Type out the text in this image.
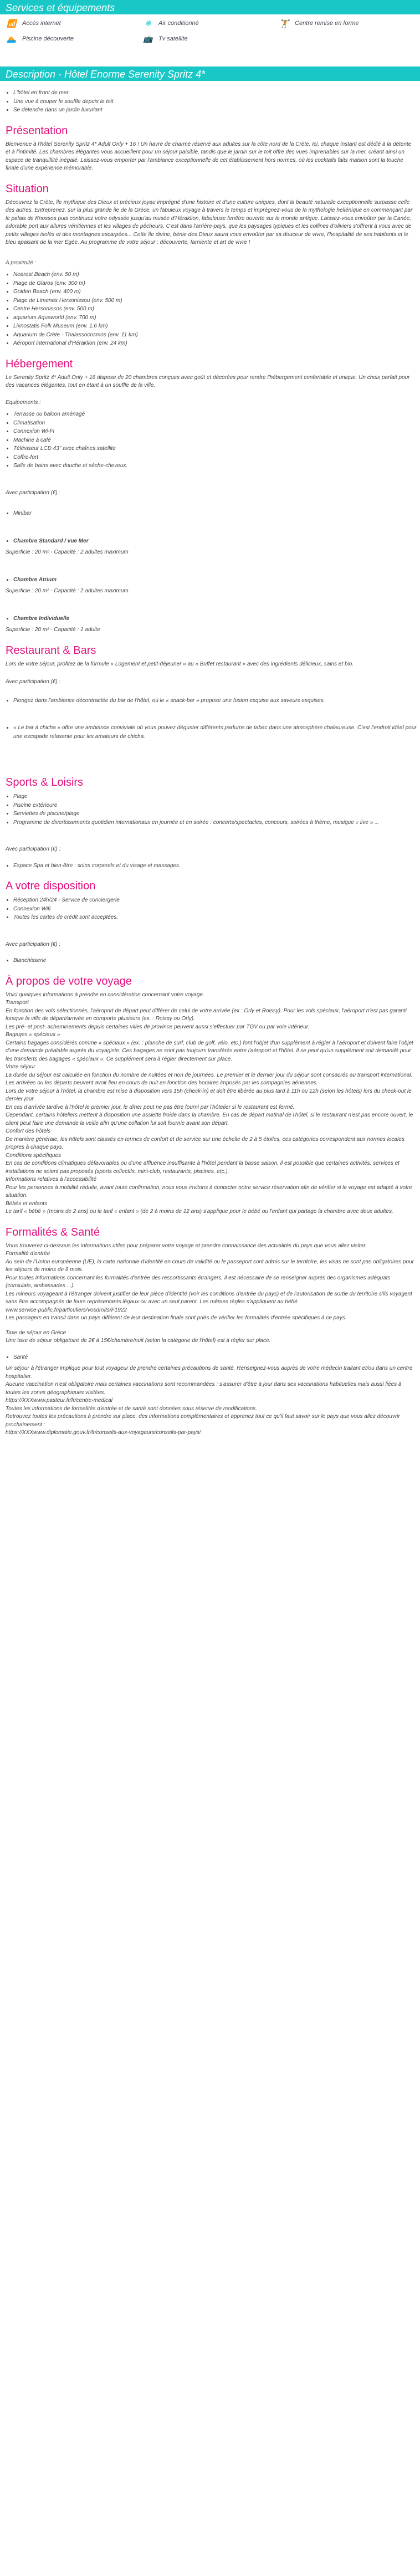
Services et équipements
📶 Accès internet	❄	Air conditionné	🏋 Centre remise en forme
🏊 Piscine découverte	📺 Tv satellite
Description - Hôtel Enorme Serenity Spritz 4*
• L'hôtel en front de mer
• Une vue à couper le souffle depuis le toit
• Se détendre dans un jardin luxuriant
Présentation
Bienvenue à l'hôtel Serenity Spritz 4* Adult Only + 16 ! Un havre de charme réservé aux adultes sur la côte nord de la Crète. Ici, chaque instant est dédié à la détente et à l'intimité. Les chambres élégantes vous accueillent pour un séjour paisible, tandis que le jardin sur le toit offre des vues imprenables sur la mer, créant ainsi un espace de tranquillité inégalé. Laissez-vous emporter par l'ambiance exceptionnelle de cet établissement hors normes, où les cocktails faits maison sont la touche finale d'une expérience mémorable.
Situation
Découvrez la Crète, île mythique des Dieux et précieux joyau imprégné d'une histoire et d'une culture uniques, dont la beauté naturelle exceptionnelle surpasse celle des autres. Entreprenez, sur la plus grande île de la Grèce, un fabuleux voyage à travers le temps et imprégnez-vous de la mythologie hellénique en commençant par le palais de Knossos puis continuez votre odyssée jusqu'au musée d'Héraklion, fabuleuse fenêtre ouverte sur le monde antique. Laissez-vous envoûter par la Canée, adorable port aux allures vénitiennes et les villages de pêcheurs. C'est dans l'arrière-pays, que les paysages typiques et les collines d'oliviers s'offrent à vous avec de petits villages isolés et des montagnes escarpées... Cette île divine, bénie des Dieux saura vous envoûter par sa douceur de vivre, l'hospitalité de ses habitants et le bleu apaisant de la mer Égée. Au programme de votre séjour : découverte, farniente et art de vivre !
A proximité :
• Nearest Beach (env. 50 m)
• Plage de Glaros (env. 300 m)
• Golden Beach (env. 400 m)
• Plage de Limenas Hersonissou (env. 500 m)
• Centre Hersonissos (env. 500 m)
• aquarium Aquaworld (env. 700 m)
• Lixnostatis Folk Museum (env. 1,6 km)
• Aquarium de Crète - Thalassocosmos (env. 11 km)
• Aéroport international d'Héraklion (env. 24 km)
Hébergement
Le Serenity Spritz 4* Adult Only + 16 dispose de 20 chambres conçues avec goût et décorées pour rendre l'hébergement confortable et unique. Un choix parfait pour des vacances élégantes, tout en étant à un souffle de la ville.
Equipements :
• Terrasse ou balcon aménagé
• Climatisation
• Connexion Wi-Fi
• Machine à café
• Téléviseur LCD 43" avec chaînes satellite
• Coffre-fort
• Salle de bains avec douche et sèche-cheveux.
Avec participation (€) :
• Minibar
• Chambre Standard / vue Mer
Superficie : 20 m² - Capacité : 2 adultes maximum
• Chambre Atrium
Superficie : 20 m² - Capacité : 2 adultes maximum
• Chambre Individuelle
Superficie : 20 m² - Capacité : 1 adulte
Restaurant & Bars
Lors de votre séjour, profitez de la formule « Logement et petit-déjeuner » au « Buffet restaurant » avec des ingrédients délicieux, sains et bio.
Avec participation (€) :
• Plongez dans l'ambiance décontractée du bar de l'hôtel, où le « snack-bar » propose une fusion exquise aux saveurs exquises.
• « Le bar à chicha » offre une ambiance conviviale où vous pouvez déguster différents parfums de tabac dans une atmosphère chaleureuse. C'est l'endroit idéal pour une escapade relaxante pour les amateurs de chicha.
Sports & Loisirs
• Plage
• Piscine extérieure
• Serviettes de piscine/plage
• Programme de divertissements quotidien internationaux en journée et en soirée : concerts/spectacles, concours, soirées à thème, musique « live » ...
Avec participation (€) :
• Espace Spa et bien-être : soins corporels et du visage et massages.
A votre disposition
• Réception 24h/24 - Service de conciergerie
• Connexion Wifi
• Toutes les cartes de crédit sont acceptées.
Avec participation (€) :
• Blanchisserie
À propos de votre voyage
Voici quelques informations à prendre en considération concernant votre voyage.
Transport
En fonction des vols sélectionnés, l'aéroport de départ peut différer de celui de votre arrivée (ex : Orly et Roissy). Pour les vols spéciaux, l'aéroport n'est pas garanti lorsque la ville de départ/arrivée en comporte plusieurs (ex. : Roissy ou Orly).
Les pré- et post- acheminements depuis certaines villes de province peuvent aussi s'effectuer par TGV ou par voie intérieur.
Bagages « spéciaux »
Certains bagages considérés comme « spéciaux » (ex. : planche de surf, club de golf, vélo, etc.) font l'objet d'un supplément à régler à l'aéroport et doivent faire l'objet d'une demande préalable auprès du voyagiste. Ces bagages ne sont pas toujours transférés entre l'aéroport et l'hôtel. Il se peut qu'un supplément soit demandé pour les transferts des bagages « spéciaux ». Ce supplément sera à régler directement sur place.
Votre séjour
La durée du séjour est calculée en fonction du nombre de nuitées et non de journées. Le premier et le dernier jour du séjour sont consacrés au transport international.
Les arrivées ou les départs peuvent avoir lieu en cours de nuit en fonction des horaires imposés par les compagnies aériennes.
Lors de votre séjour à l'hôtel, la chambre est mise à disposition vers 15h (check-in) et doit être libérée au plus tard à 11h ou 12h (selon les hôtels) lors du check-out le dernier jour.
En cas d'arrivée tardive à l'hôtel le premier jour, le dîner peut ne pas être fourni par l'hôtelier si le restaurant est fermé.
Cependant, certains hôteliers mettent à disposition une assiette froide dans la chambre. En cas de départ matinal de l'hôtel, si le restaurant n'est pas encore ouvert, le client peut faire une demande la veille afin qu'une collation lui soit fournie avant son départ.
Confort des hôtels
De manière générale, les hôtels sont classés en termes de confort et de service sur une échelle de 2 à 5 étoiles, ces catégories correspondent aux normes locales propres à chaque pays.
Conditions spécifiques
En cas de conditions climatiques défavorables ou d'une affluence insuffisante à l'hôtel pendant la basse saison, il est possible que certaines activités, services et installations ne soient pas proposés (sports collectifs, mini-club, restaurants, piscines, etc.).
Informations relatives à l'accessibilité
Pour les personnes à mobilité réduite, avant toute confirmation, nous vous invitons à contacter notre service réservation afin de vérifier si le voyage est adapté à votre situation.
Bébés et enfants
Le tarif « bébé » (moins de 2 ans) ou le tarif « enfant » (de 2 à moins de 12 ans) s'applique pour le bébé ou l'enfant qui partage la chambre avec deux adultes.
Formalités & Santé
Vous trouverez ci-dessous les informations utiles pour préparer votre voyage et prendre connaissance des actualités du pays que vous allez visiter.
Formalité d'entrée
Au sein de l'Union européenne (UE), la carte nationale d'identité en cours de validité ou le passeport sont admis sur le territoire, les visas ne sont pas obligatoires pour les séjours de moins de 6 mois.
Pour toutes informations concernant les formalités d'entrée des ressortissants étrangers, il est nécessaire de se renseigner auprès des organismes adéquats (consulats, ambassades ...).
Les mineurs voyageant à l'étranger doivent justifier de leur pièce d'identité (voir les conditions d'entrée du pays) et de l'autorisation de sortie du territoire s'ils voyagent sans être accompagnés de leurs représentants légaux ou avec un seul parent. Les mêmes règles s'appliquent au bébé.
www.service-public.fr/particuliers/vosdroits/F1922
Les passagers en transit dans un pays différent de leur destination finale sont priés de vérifier les formalités d'entrée spécifiques à ce pays.
Taxe de séjour en Grèce
Une taxe de séjour obligatoire de 2€ à 15€/chambre/nuit (selon la catégorie de l'hôtel) est à régler sur place.
• Santé
Un séjour à l'étranger implique pour tout voyageur de prendre certaines précautions de santé. Renseignez-vous auprès de votre médecin traitant et/ou dans un centre hospitalier.
Aucune vaccination n'est obligatoire mais certaines vaccinations sont recommandées ; s'assurer d'être à jour dans ses vaccinations habituelles mais aussi liées à toutes les zones géographiques visitées.
https://XXXwww.pasteur.fr/fr/centre-medical
Toutes les informations de formalités d'entrée et de santé sont données sous réserve de modifications.
Retrouvez toutes les précautions à prendre sur place, des informations complémentaires et apprenez tout ce qu'il faut savoir sur le pays que vous allez découvrir prochainement :
https://XXXwww.diplomatie.gouv.fr/fr/conseils-aux-voyageurs/conseils-par-pays/
